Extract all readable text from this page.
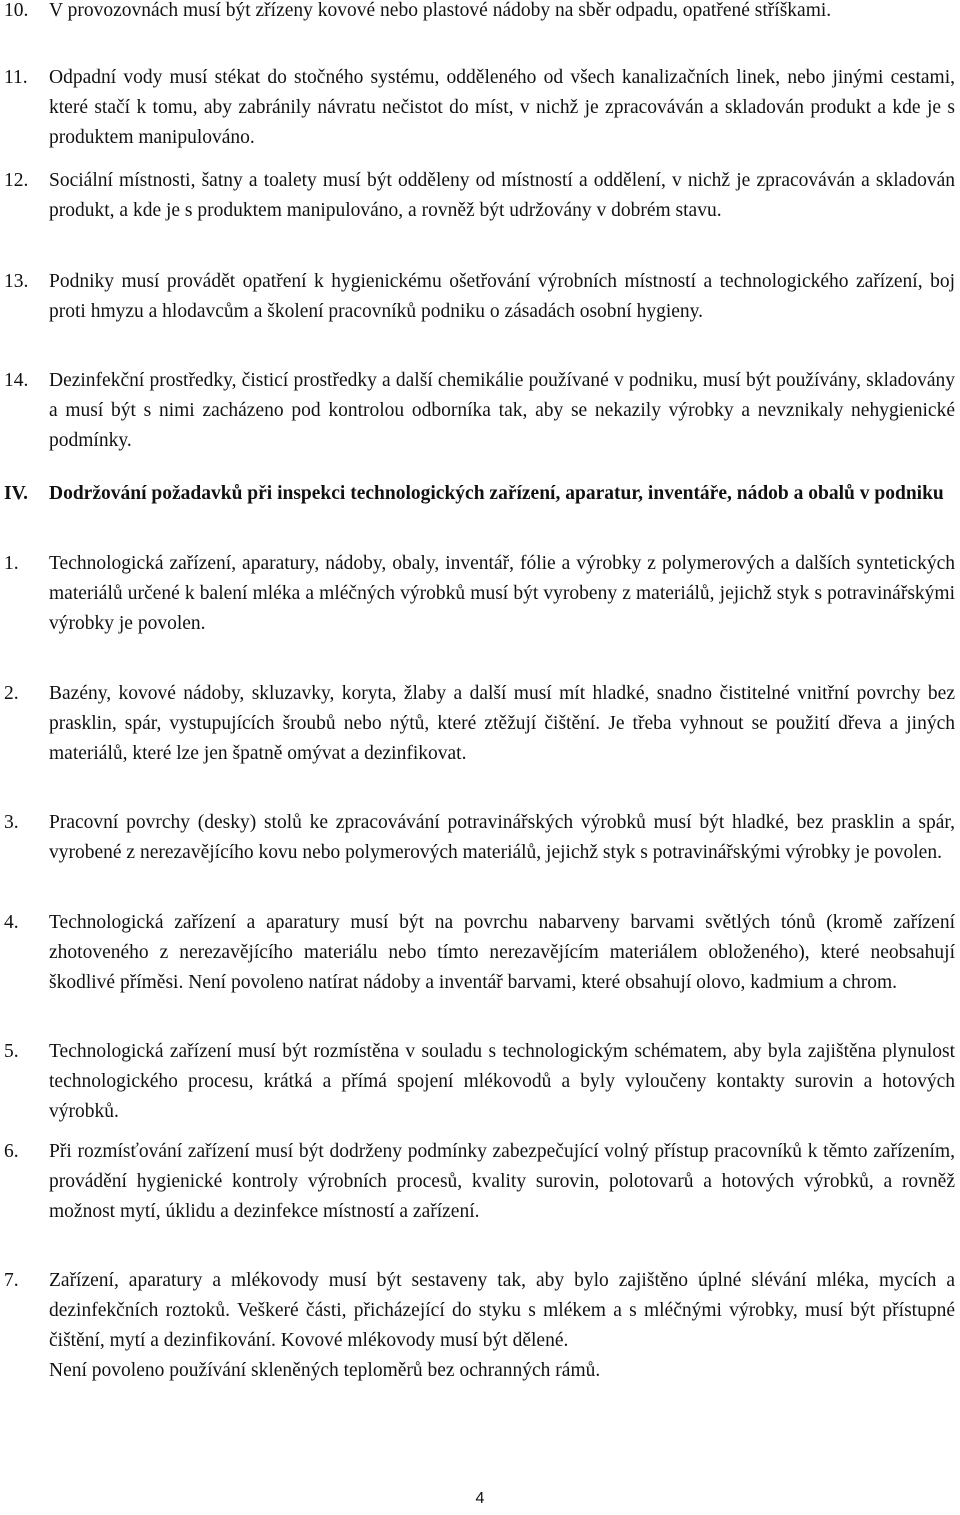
10. V provozovnách musí být zřízeny kovové nebo plastové nádoby na sběr odpadu, opatřené stříškami.
11. Odpadní vody musí stékat do stočného systému, odděleného od všech kanalizačních linek, nebo jinými cestami, které stačí k tomu, aby zabránily návratu nečistot do míst, v nichž je zpracováván a skladován produkt a kde je s produktem manipulováno.
12. Sociální místnosti, šatny a toalety musí být odděleny od místností a oddělení, v nichž je zpracováván a skladován produkt, a kde je s produktem manipulováno, a rovněž být udržovány v dobrém stavu.
13. Podniky musí provádět opatření k hygienickému ošetřování výrobních místností a technologického zařízení, boj proti hmyzu a hlodavcům a školení pracovníků podniku o zásadách osobní hygieny.
14. Dezinfekční prostředky, čisticí prostředky a další chemikálie používané v podniku, musí být používány, skladovány a musí být s nimi zacházeno pod kontrolou odborníka tak, aby se nekazily výrobky a nevznikaly nehygienické podmínky.
IV. Dodržování požadavků při inspekci technologických zařízení, aparatur, inventáře, nádob a obalů v podniku
1. Technologická zařízení, aparatury, nádoby, obaly, inventář, fólie a výrobky z polymerových a dalších syntetických materiálů určené k balení mléka a mléčných výrobků musí být vyrobeny z materiálů, jejichž styk s potravinářskými výrobky je povolen.
2. Bazény, kovové nádoby, skluzavky, koryta, žlaby a další musí mít hladké, snadno čistitelné vnitřní povrchy bez prasklin, spár, vystupujících šroubů nebo nýtů, které ztěžují čištění. Je třeba vyhnout se použití dřeva a jiných materiálů, které lze jen špatně omývat a dezinfikovat.
3. Pracovní povrchy (desky) stolů ke zpracovávání potravinářských výrobků musí být hladké, bez prasklin a spár, vyrobené z nerezavějícího kovu nebo polymerových materiálů, jejichž styk s potravinářskými výrobky je povolen.
4. Technologická zařízení a aparatury musí být na povrchu nabarveny barvami světlých tónů (kromě zařízení zhotoveného z nerezavějícího materiálu nebo tímto nerezavějícím materiálem obloženého), které neobsahují škodlivé příměsi. Není povoleno natírat nádoby a inventář barvami, které obsahují olovo, kadmium a chrom.
5. Technologická zařízení musí být rozmístěna v souladu s technologickým schématem, aby byla zajištěna plynulost technologického procesu, krátká a přímá spojení mlékovodů a byly vyloučeny kontakty surovin a hotových výrobků.
6. Při rozmísťování zařízení musí být dodrženy podmínky zabezpečující volný přístup pracovníků k těmto zařízením, provádění hygienické kontroly výrobních procesů, kvality surovin, polotovarů a hotových výrobků, a rovněž možnost mytí, úklidu a dezinfekce místností a zařízení.
7. Zařízení, aparatury a mlékovody musí být sestaveny tak, aby bylo zajištěno úplné slévání mléka, mycích a dezinfekčních roztoků. Veškeré části, přicházející do styku s mlékem a s mléčnými výrobky, musí být přístupné čištění, mytí a dezinfikování. Kovové mlékovody musí být dělené.
Není povoleno používání skleněných teploměrů bez ochranných rámů.
4
